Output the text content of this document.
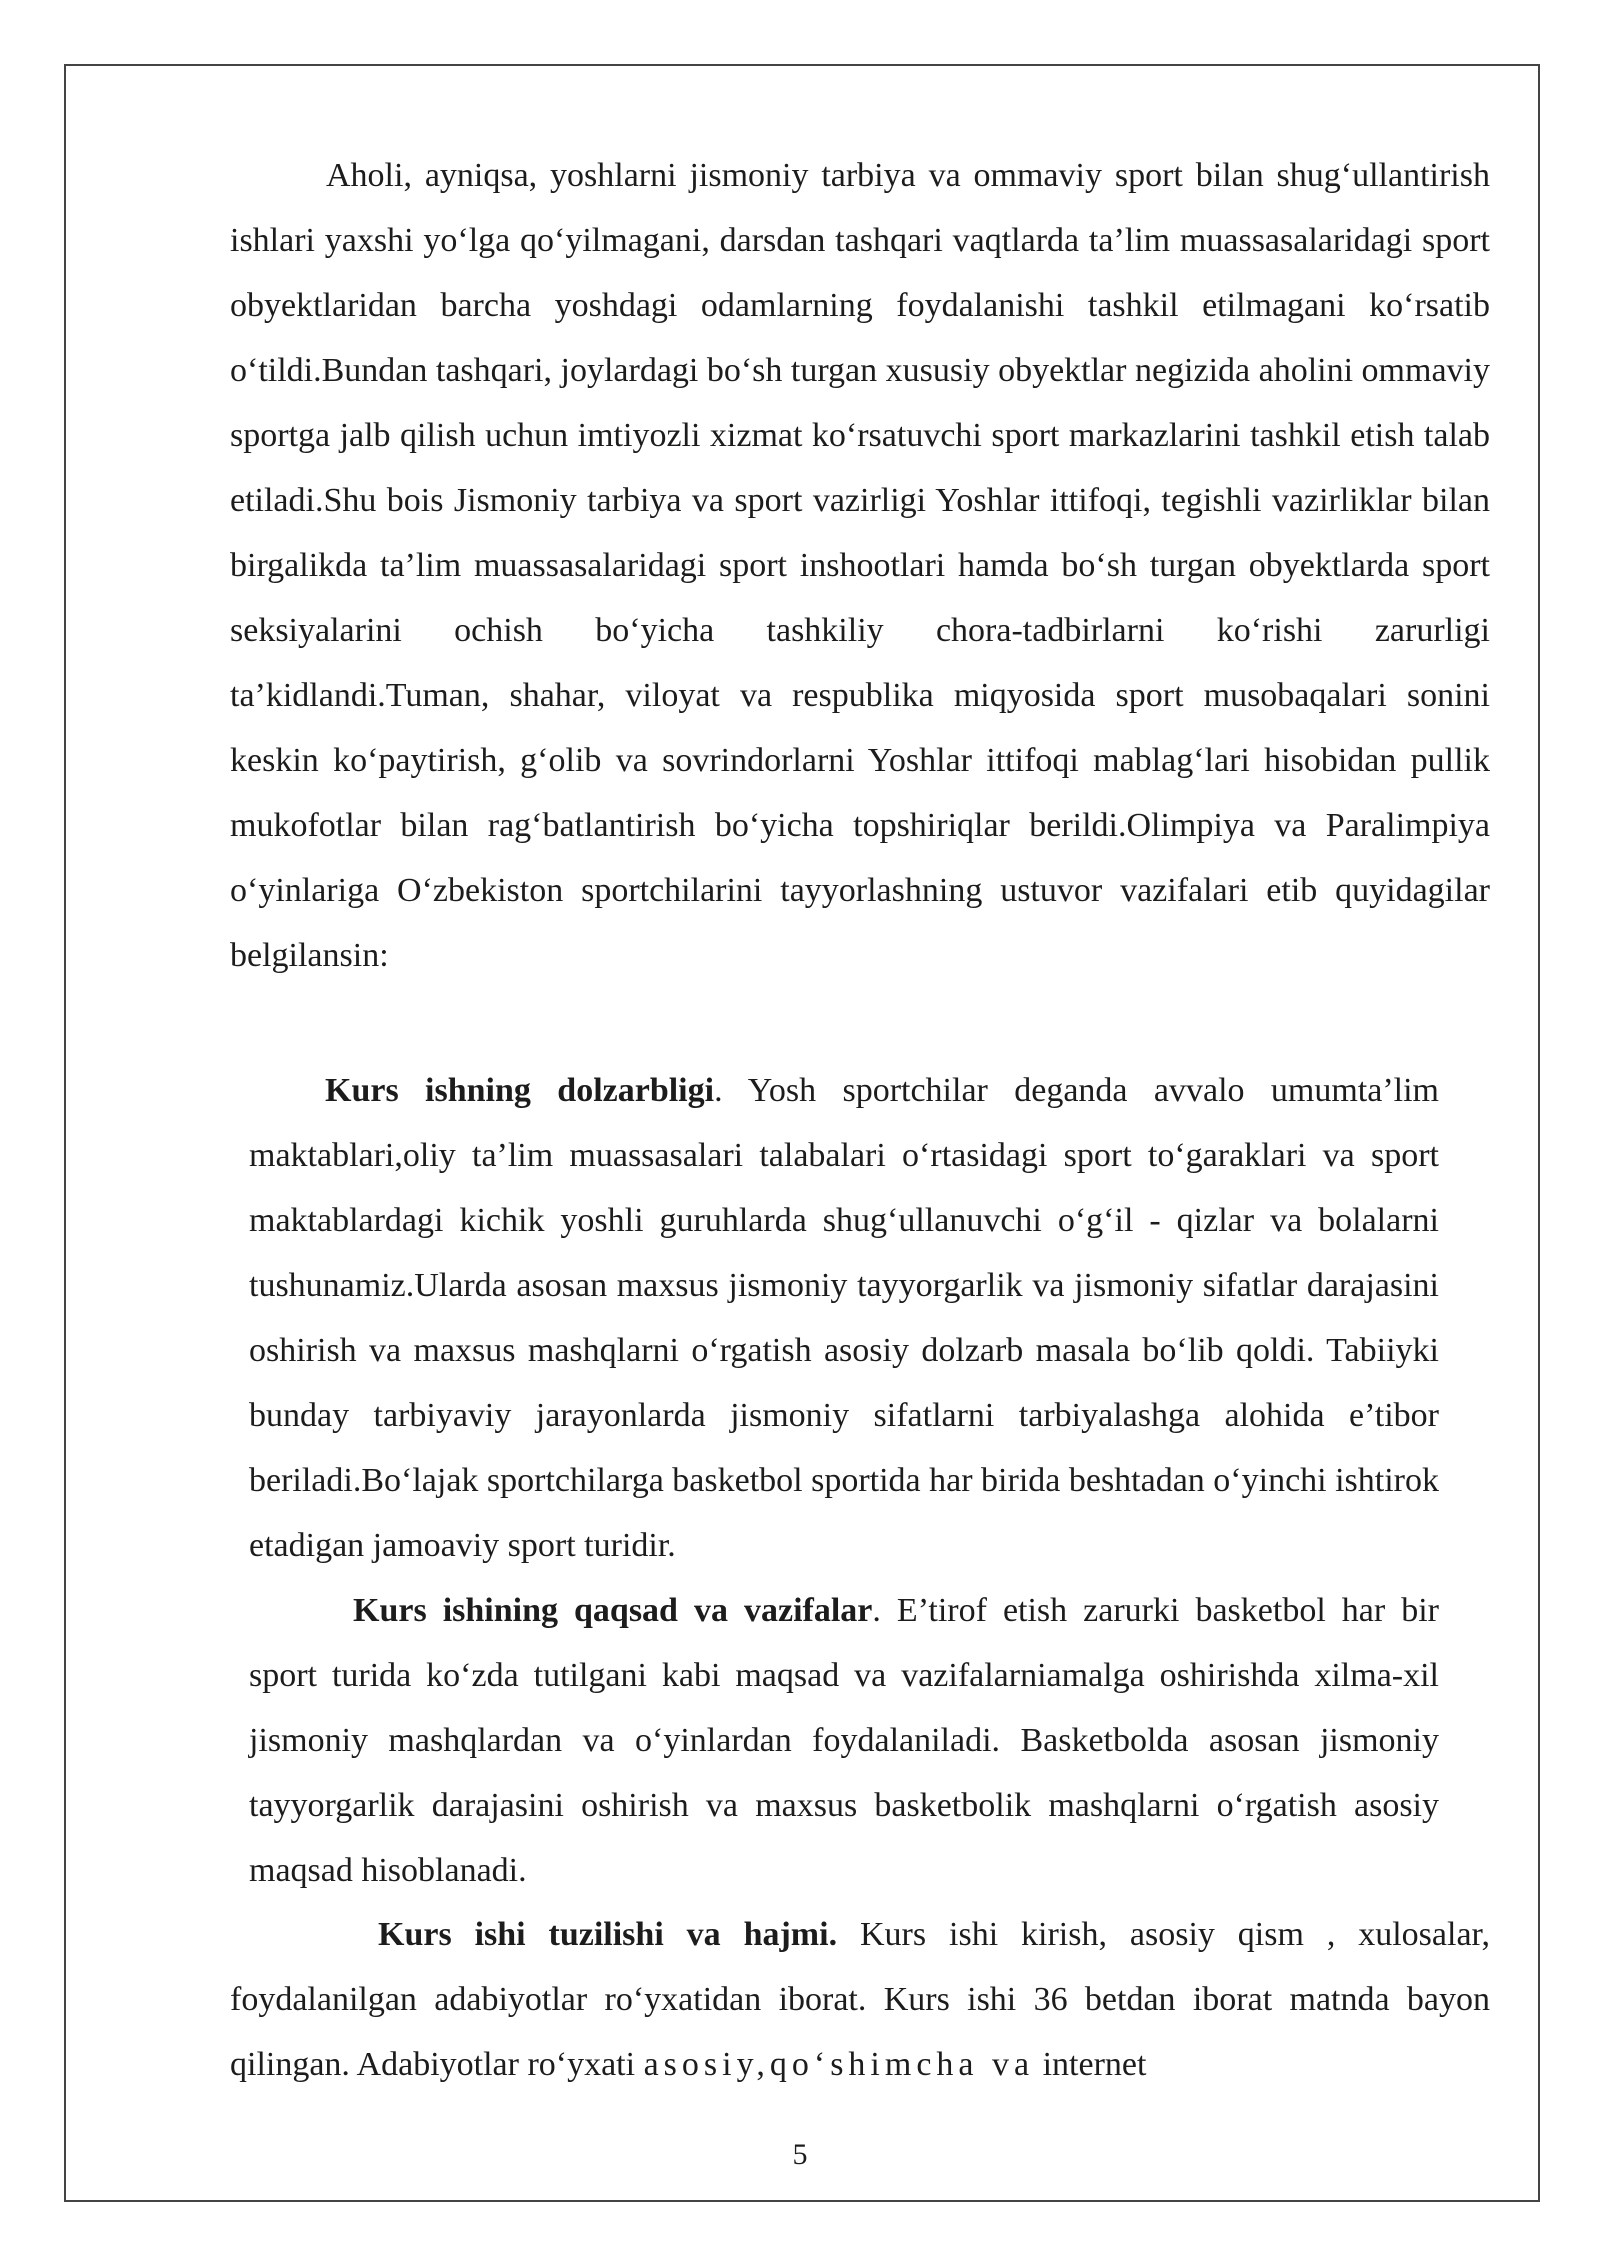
Aholi, ayniqsa, yoshlarni jismoniy tarbiya va ommaviy sport bilan shug‘ullantirish ishlari yaxshi yo‘lga qo‘yilmagani, darsdan tashqari vaqtlarda ta’lim muassasalaridagi sport obyektlaridan barcha yoshdagi odamlarning foydalanishi tashkil etilmagani ko‘rsatib o‘tildi.Bundan tashqari, joylardagi bo‘sh turgan xususiy obyektlar negizida aholini ommaviy sportga jalb qilish uchun imtiyozli xizmat ko‘rsatuvchi sport markazlarini tashkil etish talab etiladi.Shu bois Jismoniy tarbiya va sport vazirligi Yoshlar ittifoqi, tegishli vazirliklar bilan birgalikda ta’lim muassasalaridagi sport inshootlari hamda bo‘sh turgan obyektlarda sport seksiyalarini ochish bo‘yicha tashkiliy chora-tadbirlarni ko‘rishi zarurligi ta’kidlandi.Tuman, shahar, viloyat va respublika miqyosida sport musobaqalari sonini keskin ko‘paytirish, g‘olib va sovrindorlarni Yoshlar ittifoqi mablag‘lari hisobidan pullik mukofotlar bilan rag‘batlantirish bo‘yicha topshiriqlar berildi.Olimpiya va Paralimpiya o‘yinlariga O‘zbekiston sportchilarini tayyorlashning ustuvor vazifalari etib quyidagilar belgilansin:

Kurs ishning dolzarbligi. Yosh sportchilar deganda avvalo umumta’lim maktablari,oliy ta’lim muassasalari talabalari o‘rtasidagi sport to‘garaklari va sport maktablardagi kichik yoshli guruhlarda shug‘ullanuvchi o‘g‘il - qizlar va bolalarni tushunamiz.Ularda asosan maxsus jismoniy tayyorgarlik va jismoniy sifatlar darajasini oshirish va maxsus mashqlarni o‘rgatish asosiy dolzarb masala bo‘lib qoldi. Tabiiyki bunday tarbiyaviy jarayonlarda jismoniy sifatlarni tarbiyalashga alohida e’tibor beriladi.Bo‘lajak sportchilarga basketbol sportida har birida beshtadan o‘yinchi ishtirok etadigan jamoaviy sport turidir.

Kurs ishining qaqsad va vazifalar. E’tirof etish zarurki basketbol har bir sport turida ko‘zda tutilgani kabi maqsad va vazifalarniamalga oshirishda xilma-xil jismoniy mashqlardan va o‘yinlardan foydalaniladi. Basketbolda asosan jismoniy tayyorgarlik darajasini oshirish va maxsus basketbolik mashqlarni o‘rgatish asosiy maqsad hisoblanadi.

Kurs ishi tuzilishi va hajmi. Kurs ishi kirish, asosiy qism , xulosalar, foydalanilgan adabiyotlar ro‘yxatidan iborat. Kurs ishi 36 betdan iborat matnda bayon qilingan. Adabiyotlar ro‘yxati asosiy,qo‘shimcha va internet

5
